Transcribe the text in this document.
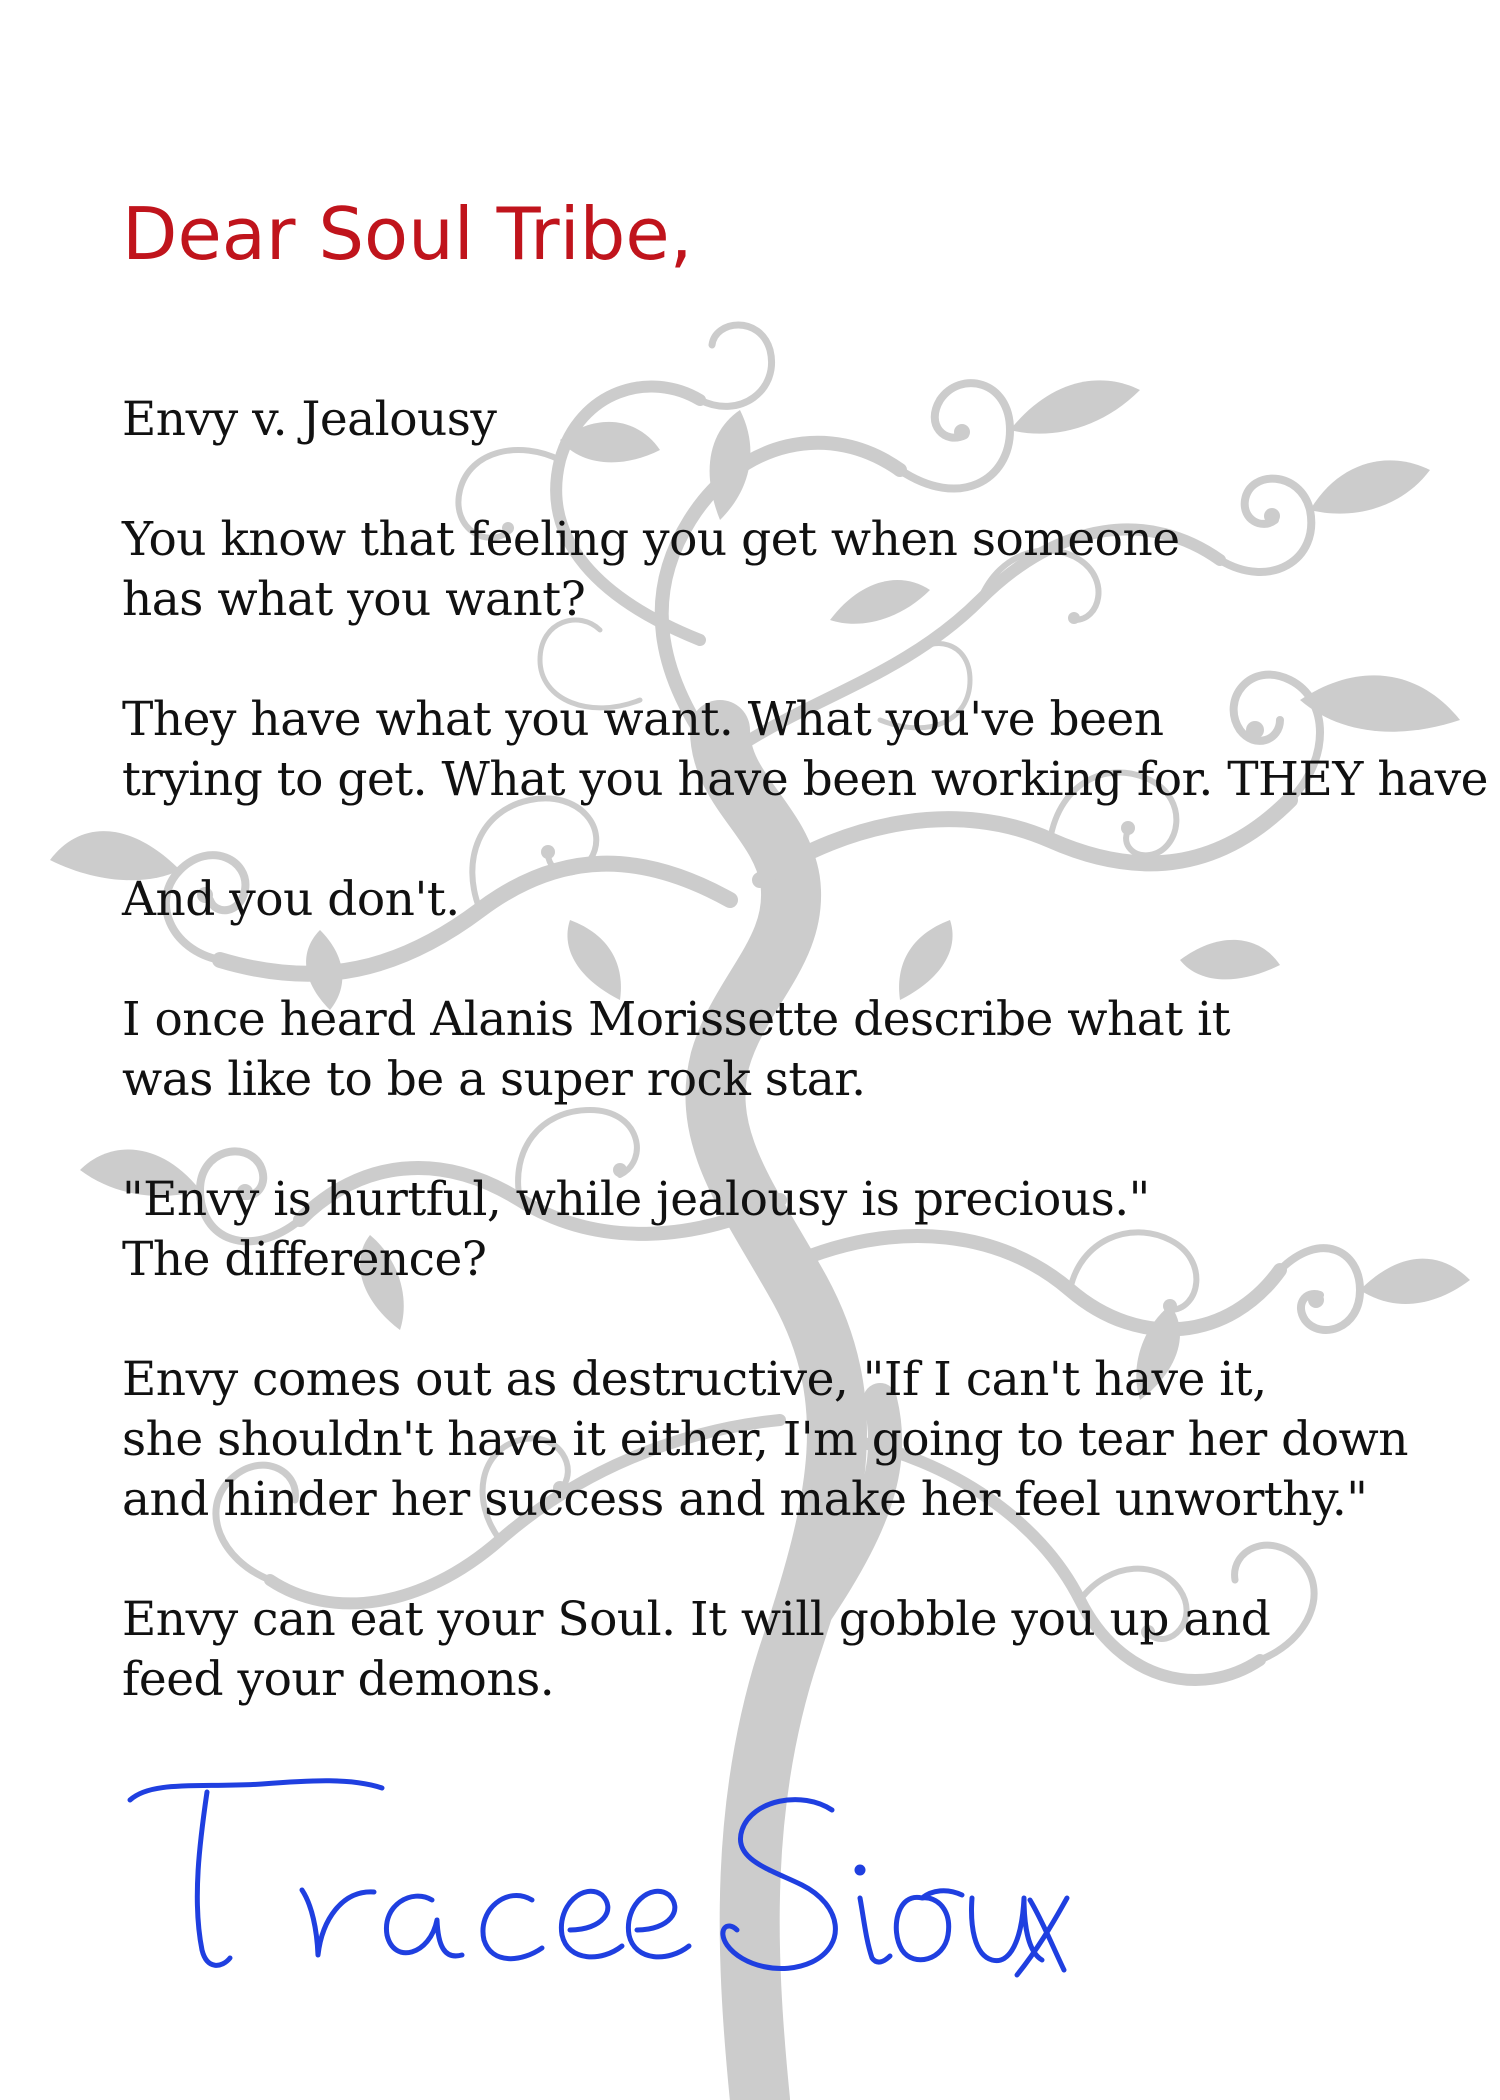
Dear Soul Tribe,

Envy v. Jealousy

You know that feeling you get when someone
has what you want?

They have what you want. What you've been
trying to get. What you have been working for. THEY have

And you don't.

I once heard Alanis Morissette describe what it
was like to be a super rock star.

"Envy is hurtful, while jealousy is precious."
The difference?

Envy comes out as destructive, "If I can't have it,
she shouldn't have it either, I'm going to tear her down
and hinder her success and make her feel unworthy."

Envy can eat your Soul. It will gobble you up and
feed your demons.
